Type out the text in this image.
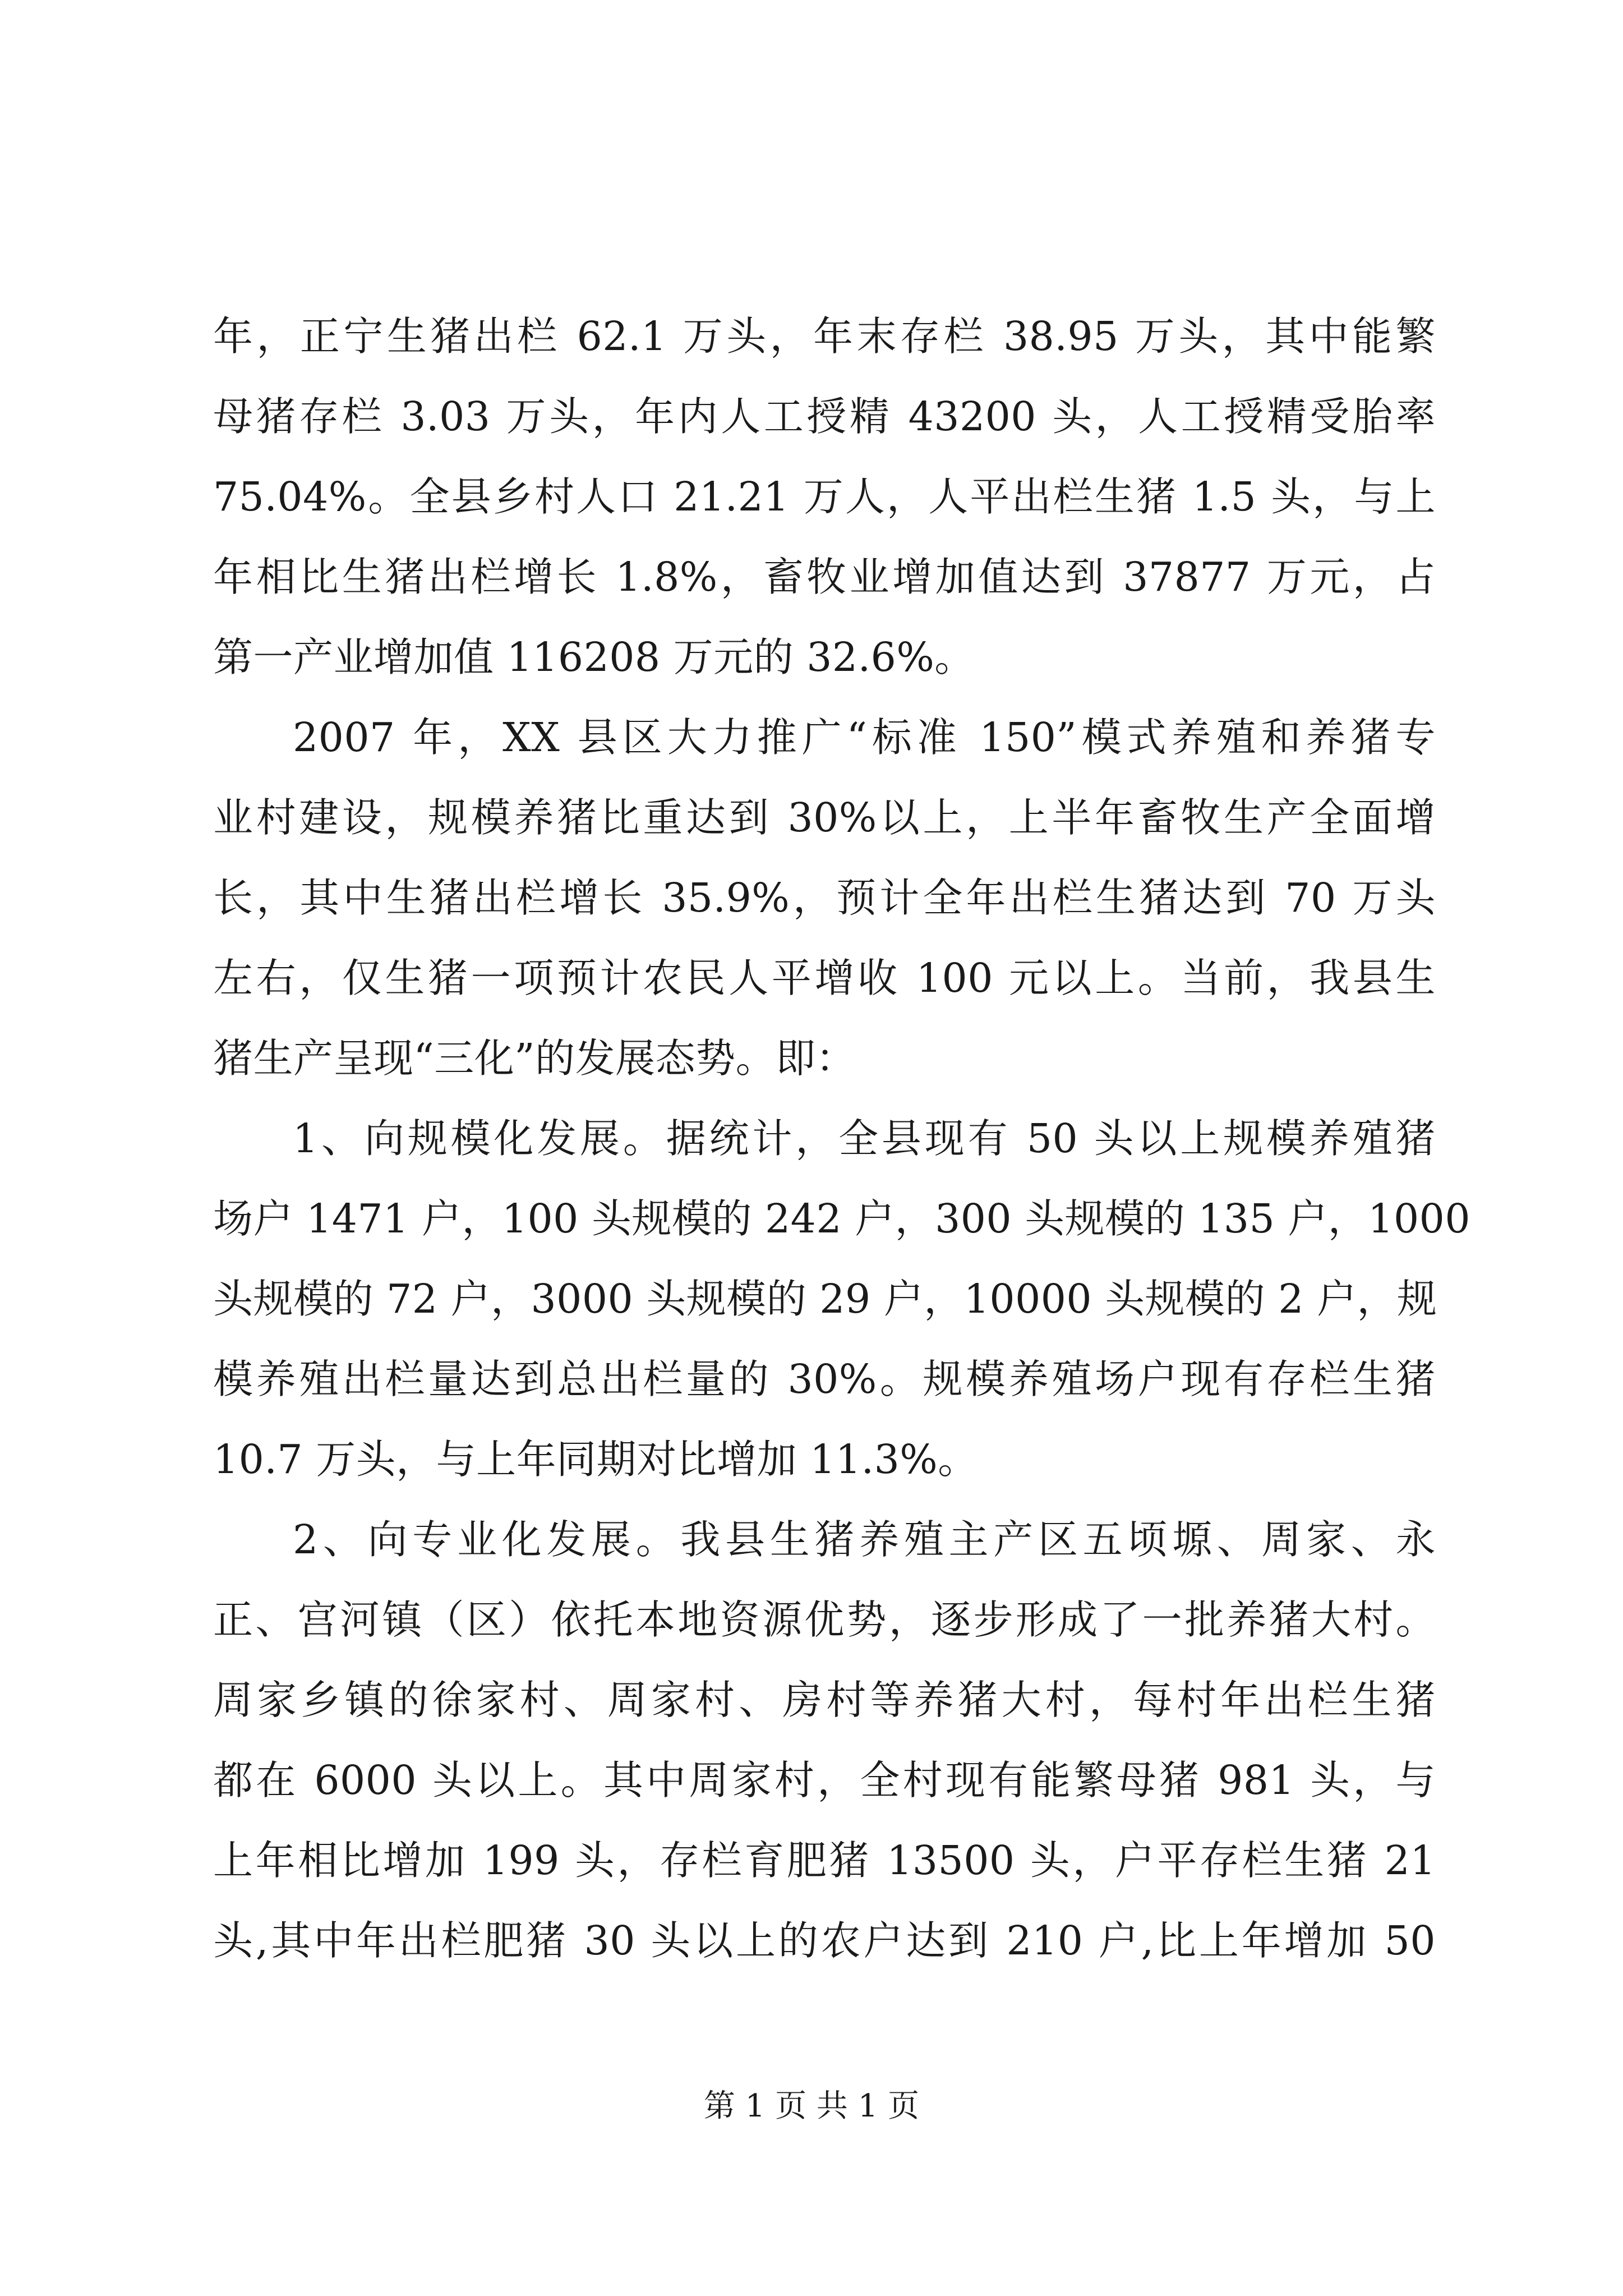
年，正宁生猪出栏 62.1 万头，年末存栏 38.95 万头，其中能繁
母猪存栏 3.03 万头，年内人工授精 43200 头，人工授精受胎率
75.04%。全县乡村人口 21.21 万人，人平出栏生猪 1.5 头，与上
年相比生猪出栏增长 1.8%，畜牧业增加值达到 37877 万元，占
第一产业增加值 116208 万元的 32.6%。
2007 年，XX 县区大力推广“标准 150”模式养殖和养猪专
业村建设，规模养猪比重达到 30%以上，上半年畜牧生产全面增
长，其中生猪出栏增长 35.9%，预计全年出栏生猪达到 70 万头
左右，仅生猪一项预计农民人平增收 100 元以上。当前，我县生
猪生产呈现“三化”的发展态势。即：
1、向规模化发展。据统计，全县现有 50 头以上规模养殖猪
场户 1471 户，100 头规模的 242 户，300 头规模的 135 户，1000
头规模的 72 户，3000 头规模的 29 户，10000 头规模的 2 户，规
模养殖出栏量达到总出栏量的 30%。规模养殖场户现有存栏生猪
10.7 万头，与上年同期对比增加 11.3%。
2、向专业化发展。我县生猪养殖主产区五顷塬、周家、永
正、宫河镇（区）依托本地资源优势，逐步形成了一批养猪大村。
周家乡镇的徐家村、周家村、房村等养猪大村，每村年出栏生猪
都在 6000 头以上。其中周家村，全村现有能繁母猪 981 头，与
上年相比增加 199 头，存栏育肥猪 13500 头，户平存栏生猪 21
头,其中年出栏肥猪 30 头以上的农户达到 210 户,比上年增加 50
第 1 页 共 1 页
